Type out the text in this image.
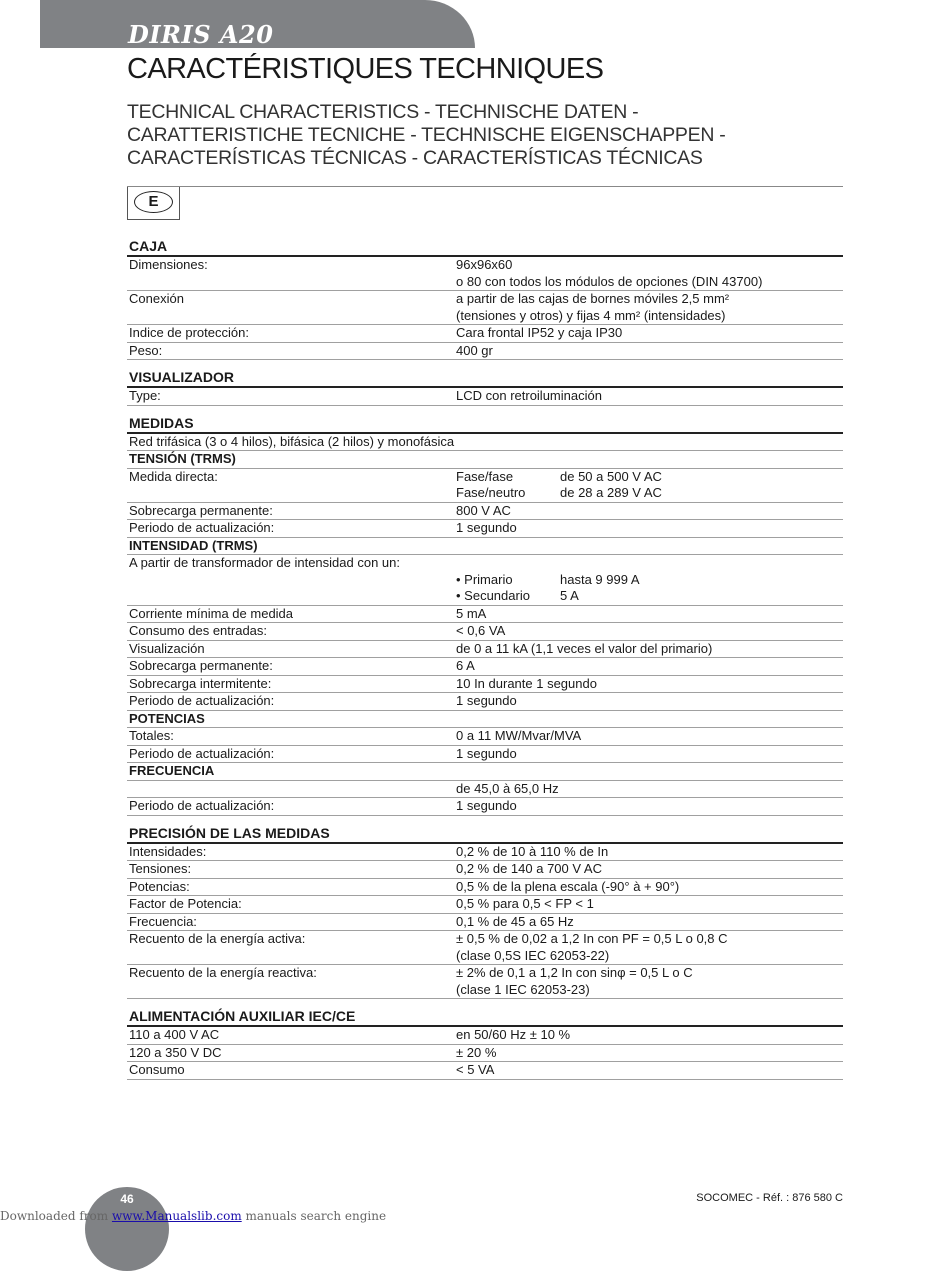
DIRIS A20
CARACTÉRISTIQUES TECHNIQUES
TECHNICAL CHARACTERISTICS - TECHNISCHE DATEN -
CARATTERISTICHE TECNICHE - TECHNISCHE EIGENSCHAPPEN -
CARACTERÍSTICAS TÉCNICAS - CARACTERÍSTICAS TÉCNICAS
E
CAJA
Dimensiones:	96x96x60
o 80 con todos los módulos de opciones (DIN 43700)
Conexión	a partir de las cajas de bornes móviles 2,5 mm²
(tensiones y otros) y fijas 4 mm² (intensidades)
Indice de protección:	Cara frontal IP52 y caja IP30
Peso:	400 gr
VISUALIZADOR
Type:	LCD con retroiluminación
MEDIDAS
Red trifásica (3 o 4 hilos), bifásica (2 hilos) y monofásica
TENSIÓN (TRMS)
Medida directa:	Fase/fase	de 50 a 500 V AC
Fase/neutro	de 28 a 289 V AC
Sobrecarga permanente:	800 V AC
Periodo de actualización:	1 segundo
INTENSIDAD (TRMS)
A partir de transformador de intensidad con un:
• Primario	hasta 9 999 A
• Secundario 5 A
Corriente mínima de medida	5 mA
Consumo des entradas:	< 0,6 VA
Visualización	de 0 a 11 kA (1,1 veces el valor del primario)
Sobrecarga permanente:	6 A
Sobrecarga intermitente:	10 In durante 1 segundo
Periodo de actualización:	1 segundo
POTENCIAS
Totales:	0 a 11 MW/Mvar/MVA
Periodo de actualización:	1 segundo
FRECUENCIA
de 45,0 à 65,0 Hz
Periodo de actualización:	1 segundo
PRECISIÓN DE LAS MEDIDAS
Intensidades:	0,2 % de 10 à 110 % de In
Tensiones:	0,2 % de 140 a 700 V AC
Potencias:	0,5 % de la plena escala (-90° à + 90°)
Factor de Potencia:	0,5 % para 0,5 < FP < 1
Frecuencia:	0,1 % de 45 a 65 Hz
Recuento de la energía activa:	± 0,5 % de 0,02 a 1,2 In con PF = 0,5 L o 0,8 C
(clase 0,5S IEC 62053-22)
Recuento de la energía reactiva:	± 2% de 0,1 a 1,2 In con sinφ = 0,5 L o C
(clase 1 IEC 62053-23)
ALIMENTACIÓN AUXILIAR IEC/CE
110 a 400 V AC	en 50/60 Hz ± 10 %
120 a 350 V DC	± 20 %
Consumo	< 5 VA
46	SOCOMEC - Réf. : 876 580 C
Downloaded from www.Manualslib.com manuals search engine
